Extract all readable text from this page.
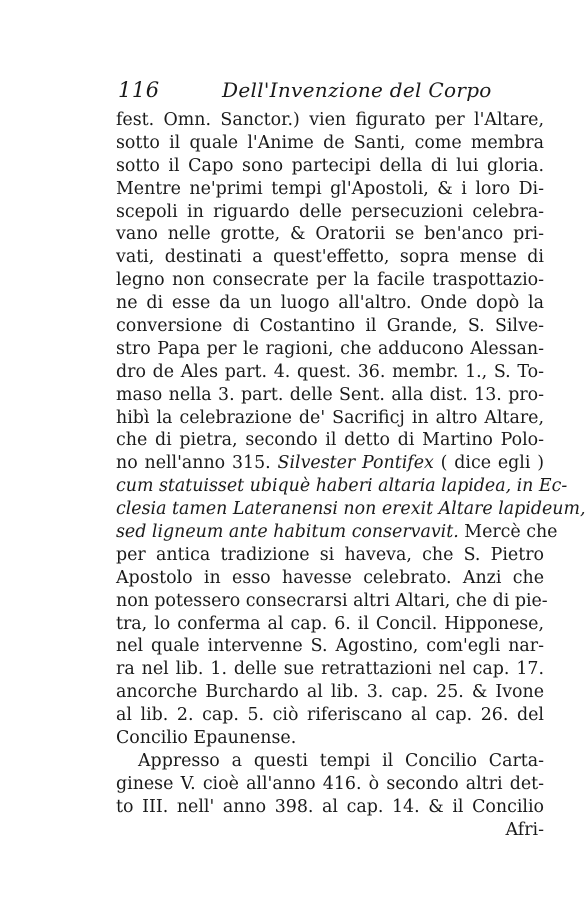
116	Dell'Invenzione del Corpo
fest. Omn. Sanctor.) vien figurato per l'Altare,
sotto il quale l'Anime de Santi, come membra
sotto il Capo sono partecipi della di lui gloria.
Mentre ne'primi tempi gl'Apostoli, & i loro Di-
scepoli in riguardo delle persecuzioni celebra-
vano nelle grotte, & Oratorii se ben'anco pri-
vati, destinati a quest'effetto, sopra mense di
legno non consecrate per la facile traspottazio-
ne di esse da un luogo all'altro. Onde dopò la
conversione di Costantino il Grande, S. Silve-
stro Papa per le ragioni, che adducono Alessan-
dro de Ales part. 4. quest. 36. membr. 1., S. To-
maso nella 3. part. delle Sent. alla dist. 13. pro-
hibì la celebrazione de' Sacrificj in altro Altare,
che di pietra, secondo il detto di Martino Polo-
no nell'anno 315. Silvester Pontifex ( dice egli )
cum statuisset ubiquè haberi altaria lapidea, in Ec-
clesia tamen Lateranensi non erexit Altare lapideum,
sed ligneum ante habitum conservavit. Mercè che
per antica tradizione si haveva, che S. Pietro
Apostolo in esso havesse celebrato. Anzi che
non potessero consecrarsi altri Altari, che di pie-
tra, lo conferma al cap. 6. il Concil. Hipponese,
nel quale intervenne S. Agostino, com'egli nar-
ra nel lib. 1. delle sue retrattazioni nel cap. 17.
ancorche Burchardo al lib. 3. cap. 25. & Ivone
al lib. 2. cap. 5. ciò riferiscano al cap. 26. del
Concilio Epaunense.
Appresso a questi tempi il Concilio Carta-
ginese V. cioè all'anno 416. ò secondo altri det-
to III. nell' anno 398. al cap. 14. & il Concilio
Afri-
